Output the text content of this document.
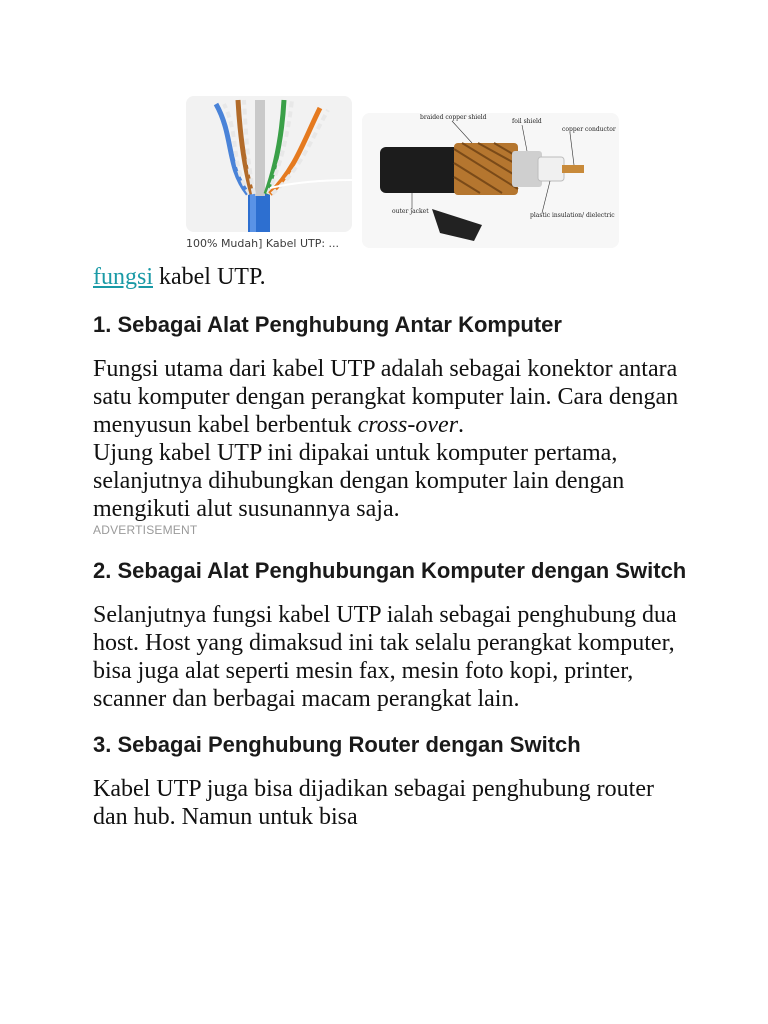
100% Mudah] Kabel UTP: ...
braided copper shield
foil shield
copper conductor
outer jacket
plastic insulation/ dielectric

fungsi kabel UTP.

1. Sebagai Alat Penghubung Antar Komputer

Fungsi utama dari kabel UTP adalah sebagai konektor antara satu komputer dengan perangkat komputer lain. Cara dengan menyusun kabel berbentuk cross-over.

Ujung kabel UTP ini dipakai untuk komputer pertama, selanjutnya dihubungkan dengan komputer lain dengan mengikuti alut susunannya saja.

ADVERTISEMENT

2. Sebagai Alat Penghubungan Komputer dengan Switch

Selanjutnya fungsi kabel UTP ialah sebagai penghubung dua host. Host yang dimaksud ini tak selalu perangkat komputer, bisa juga alat seperti mesin fax, mesin foto kopi, printer, scanner dan berbagai macam perangkat lain.

3. Sebagai Penghubung Router dengan Switch

Kabel UTP juga bisa dijadikan sebagai penghubung router dan hub. Namun untuk bisa
